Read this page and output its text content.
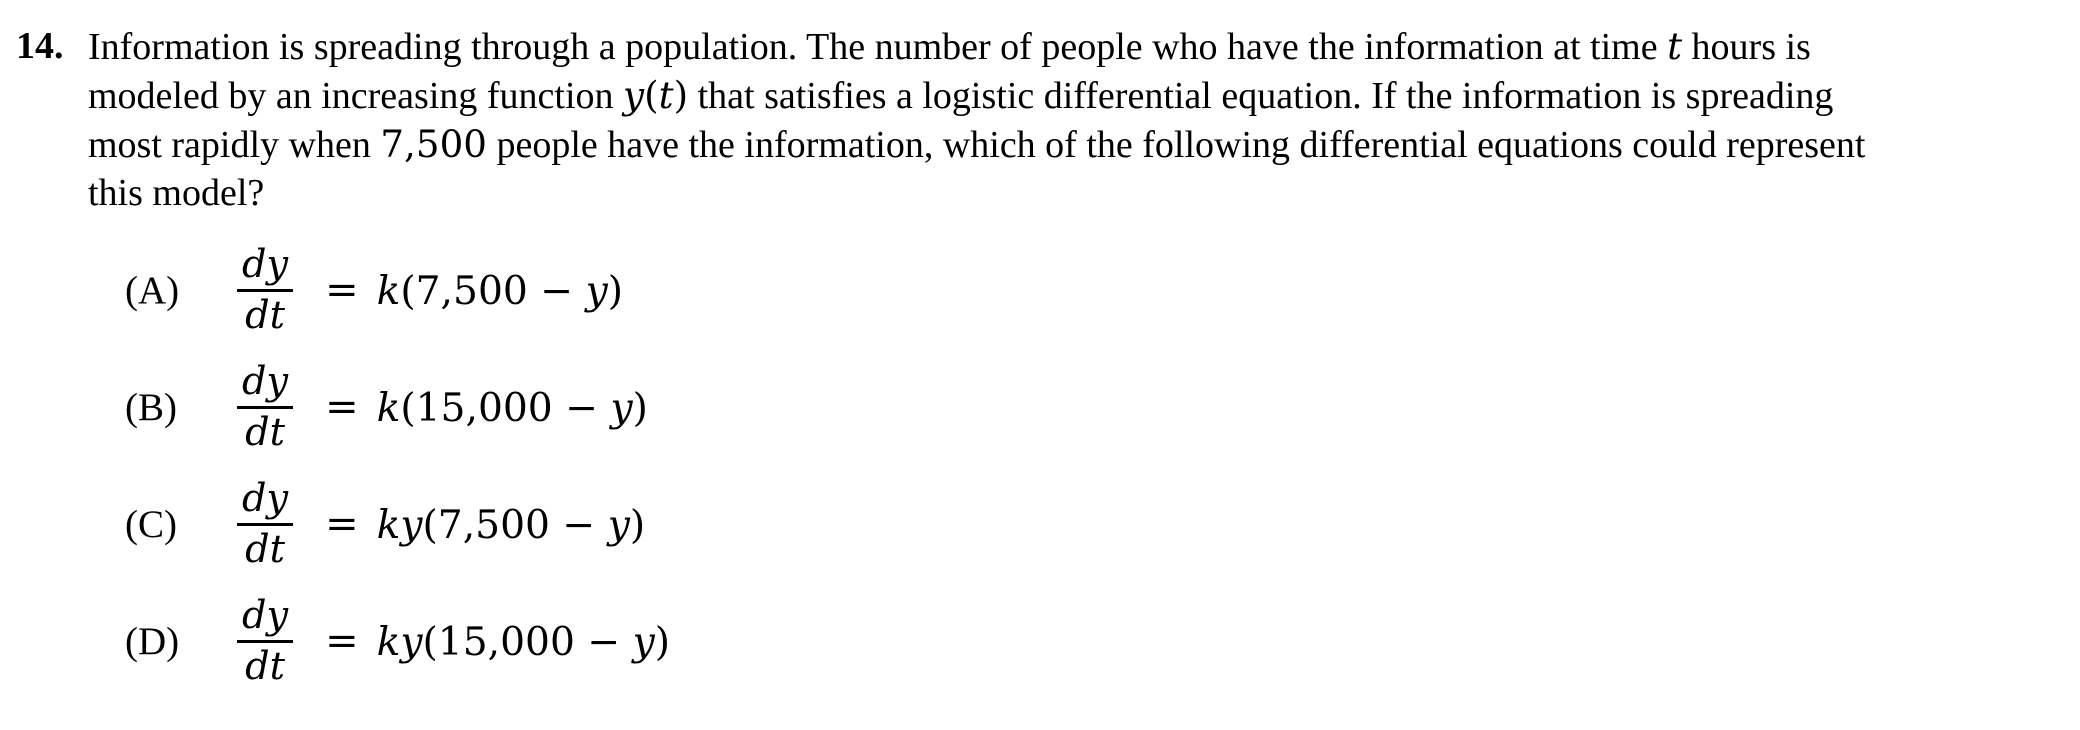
14. Information is spreading through a population. The number of people who have the information at time t hours is
modeled by an increasing function y(t) that satisfies a logistic differential equation. If the information is spreading
most rapidly when 7,500 people have the information, which of the following differential equations could represent
this model?
(A)	$\frac{dy}{dt} = k(7,500 - y)$
(B)	$\frac{dy}{dt} = k(15,000 - y)$
(C)	$\frac{dy}{dt} = ky(7,500 - y)$
(D)	$\frac{dy}{dt} = ky(15,000 - y)$
